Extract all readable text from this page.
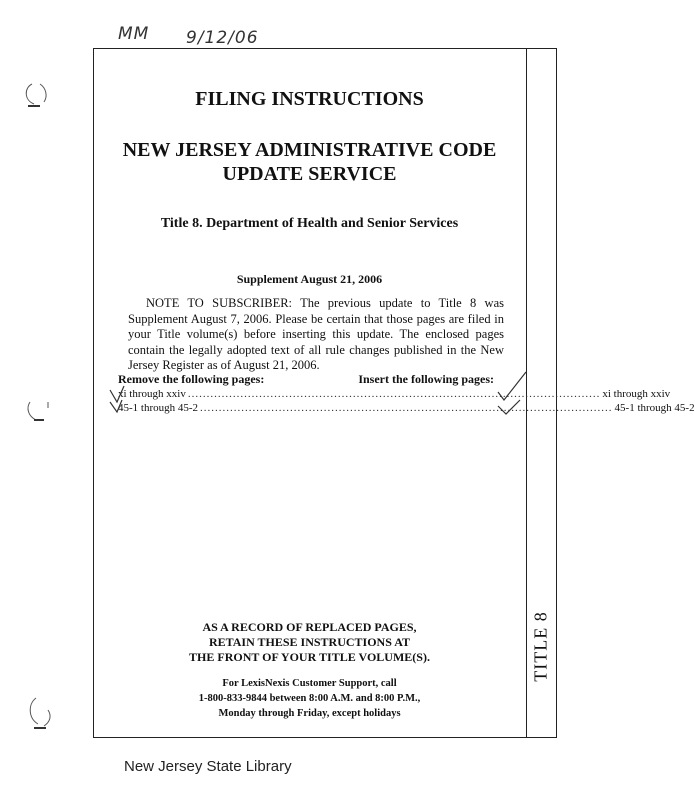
MM 9/12/06
TITLE 8
FILING INSTRUCTIONS
NEW JERSEY ADMINISTRATIVE CODE
UPDATE SERVICE
Title 8. Department of Health and Senior Services
Supplement August 21, 2006
NOTE TO SUBSCRIBER: The previous update to Title 8 was Supplement August 7, 2006. Please be certain that those pages are filed in your Title volume(s) before inserting this update. The enclosed pages contain the legally adopted text of all rule changes published in the New Jersey Register as of August 21, 2006.
Remove the following pages:	Insert the following pages:
xi through xxiv .............................................................................................................. xi through xxiv
45-1 through 45-2 .............................................................................................................. 45-1 through 45-2
AS A RECORD OF REPLACED PAGES,
RETAIN THESE INSTRUCTIONS AT
THE FRONT OF YOUR TITLE VOLUME(S).
For LexisNexis Customer Support, call
1-800-833-9844 between 8:00 A.M. and 8:00 P.M.,
Monday through Friday, except holidays
New Jersey State Library
